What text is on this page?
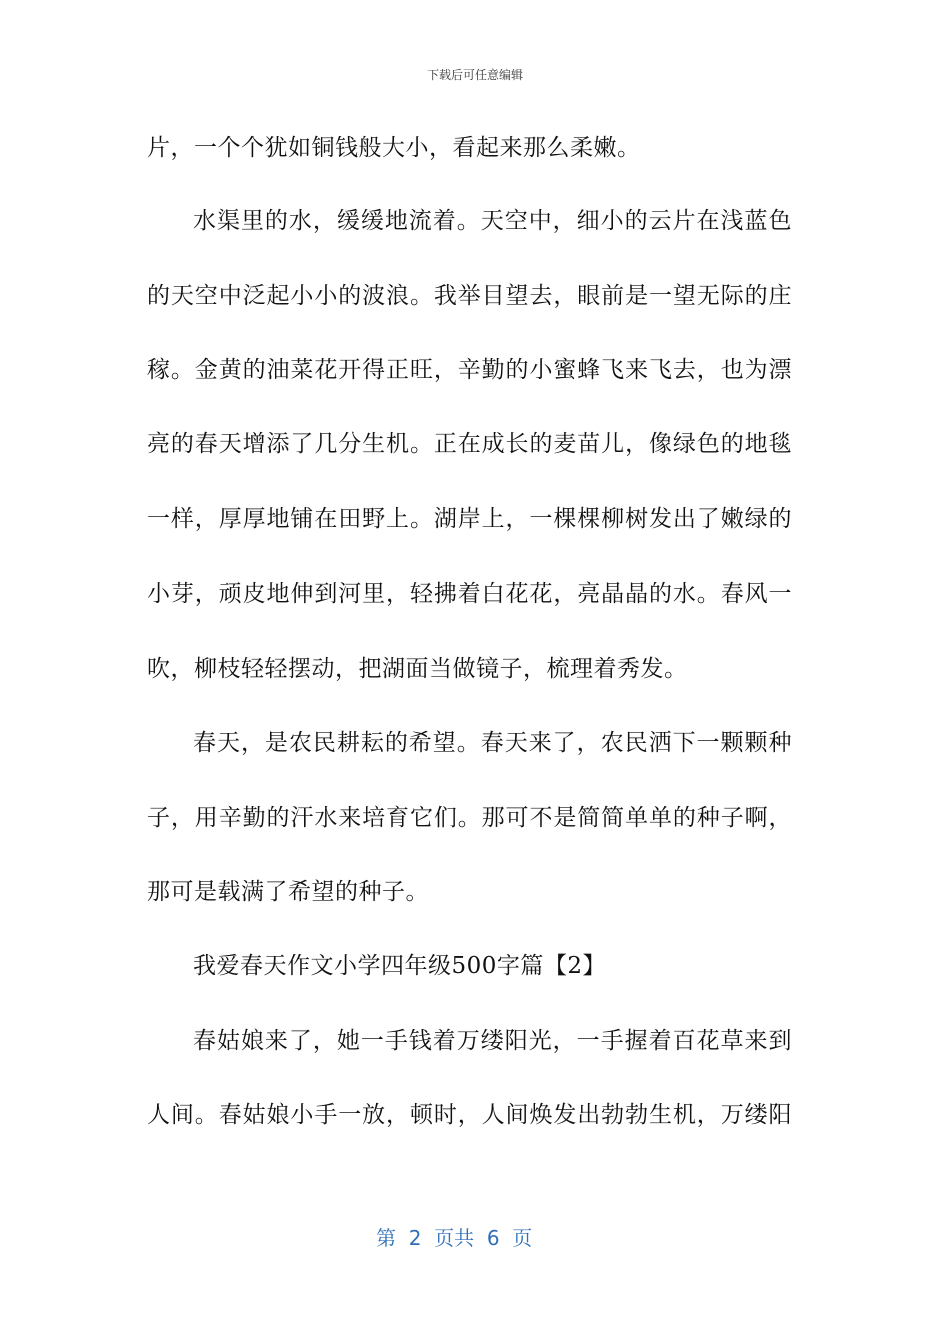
下载后可任意编辑
片，一个个犹如铜钱般大小，看起来那么柔嫩。
水渠里的水，缓缓地流着。天空中，细小的云片在浅蓝色
的天空中泛起小小的波浪。我举目望去，眼前是一望无际的庄
稼。金黄的油菜花开得正旺，辛勤的小蜜蜂飞来飞去，也为漂
亮的春天增添了几分生机。正在成长的麦苗儿，像绿色的地毯
一样，厚厚地铺在田野上。湖岸上，一棵棵柳树发出了嫩绿的
小芽，顽皮地伸到河里，轻拂着白花花，亮晶晶的水。春风一
吹，柳枝轻轻摆动，把湖面当做镜子，梳理着秀发。
春天，是农民耕耘的希望。春天来了，农民洒下一颗颗种
子，用辛勤的汗水来培育它们。那可不是简简单单的种子啊，
那可是载满了希望的种子。
我爱春天作文小学四年级500字篇【2】
春姑娘来了，她一手钱着万缕阳光，一手握着百花草来到
人间。春姑娘小手一放，顿时，人间焕发出勃勃生机，万缕阳
第  2  页共  6  页
